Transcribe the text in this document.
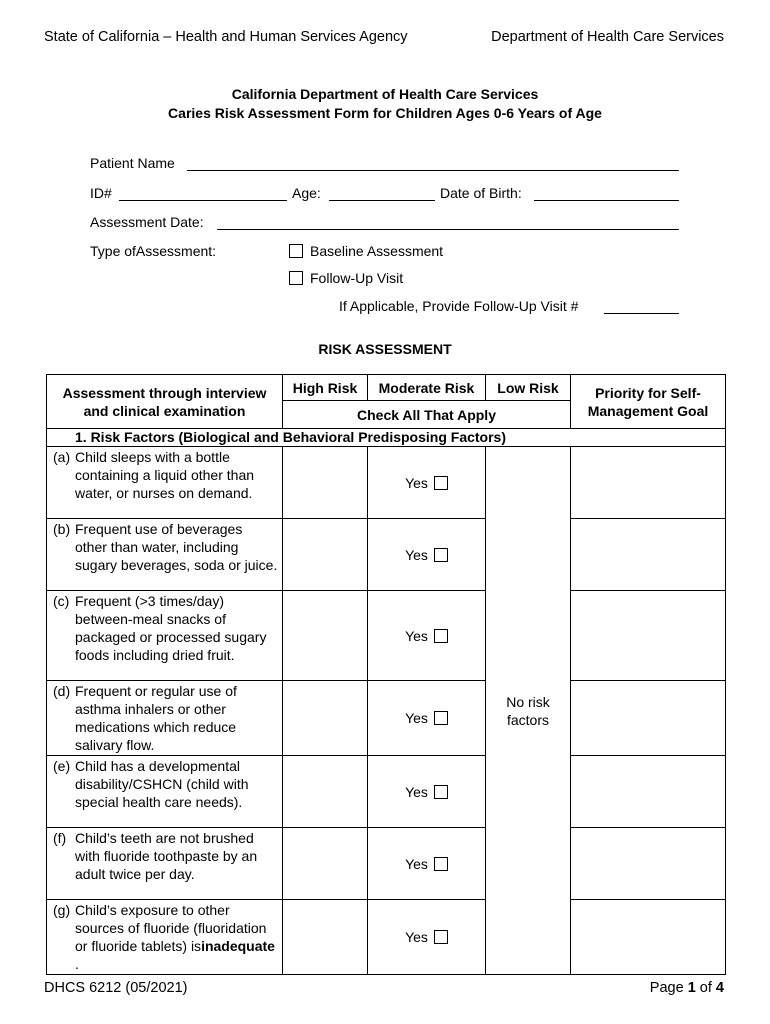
State of California – Health and Human Services Agency	Department of Health Care Services
California Department of Health Care Services
Caries Risk Assessment Form for Children Ages 0-6 Years of Age
Patient Name
ID#	Age:	Date of Birth:
Assessment Date:
Type ofAssessment:	Baseline Assessment
Follow-Up Visit
If Applicable, Provide Follow-Up Visit #
RISK ASSESSMENT
Assessment through interview and clinical examination	High Risk	Moderate Risk	Low Risk	Priority for Self-Management Goal
	Check All That Apply			
1. Risk Factors (Biological and Behavioral Predisposing Factors)				

(a) Child sleeps with a bottle containing a liquid other than water, or nurses on demand.		Yes	No risk factors	

(b) Frequent use of beverages other than water, including sugary beverages, soda or juice.		Yes		

(c) Frequent (>3 times/day) between-meal snacks of packaged or processed sugary foods including dried fruit.		Yes		

(d) Frequent or regular use of asthma inhalers or other medications which reduce salivary flow.		Yes		

(e) Child has a developmental disability/CSHCN (child with special health care needs).		Yes		

(f) Child’s teeth are not brushed with fluoride toothpaste by an adult twice per day.		Yes		

(g) Child’s exposure to other sources of fluoride (fluoridation or fluoride tablets) isinadequate .		Yes		

DHCS 6212 (05/2021)	Page 1 of 4
